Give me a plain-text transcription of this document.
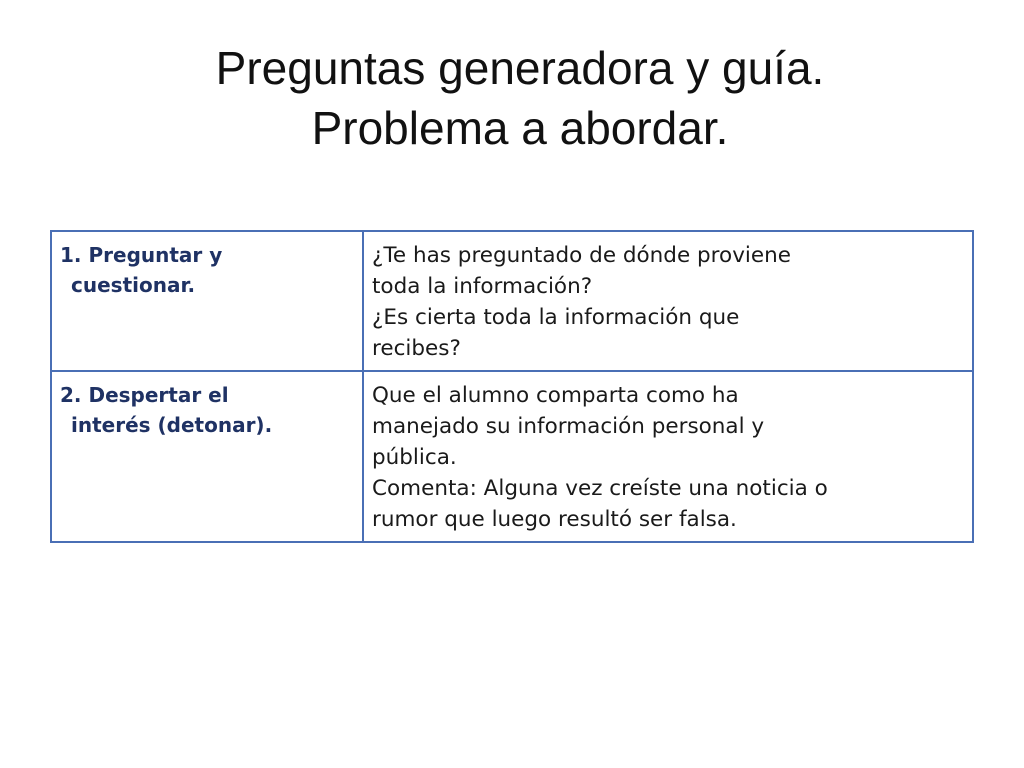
Preguntas generadora y guía.
Problema a abordar.
1. Preguntar y
cuestionar.	¿Te has preguntado de dónde proviene
toda la información?
¿Es cierta toda la información que
recibes?

2. Despertar el
interés (detonar).	Que el alumno comparta como ha
manejado su información personal y
pública.
Comenta: Alguna vez creíste una noticia o
rumor que luego resultó ser falsa.
